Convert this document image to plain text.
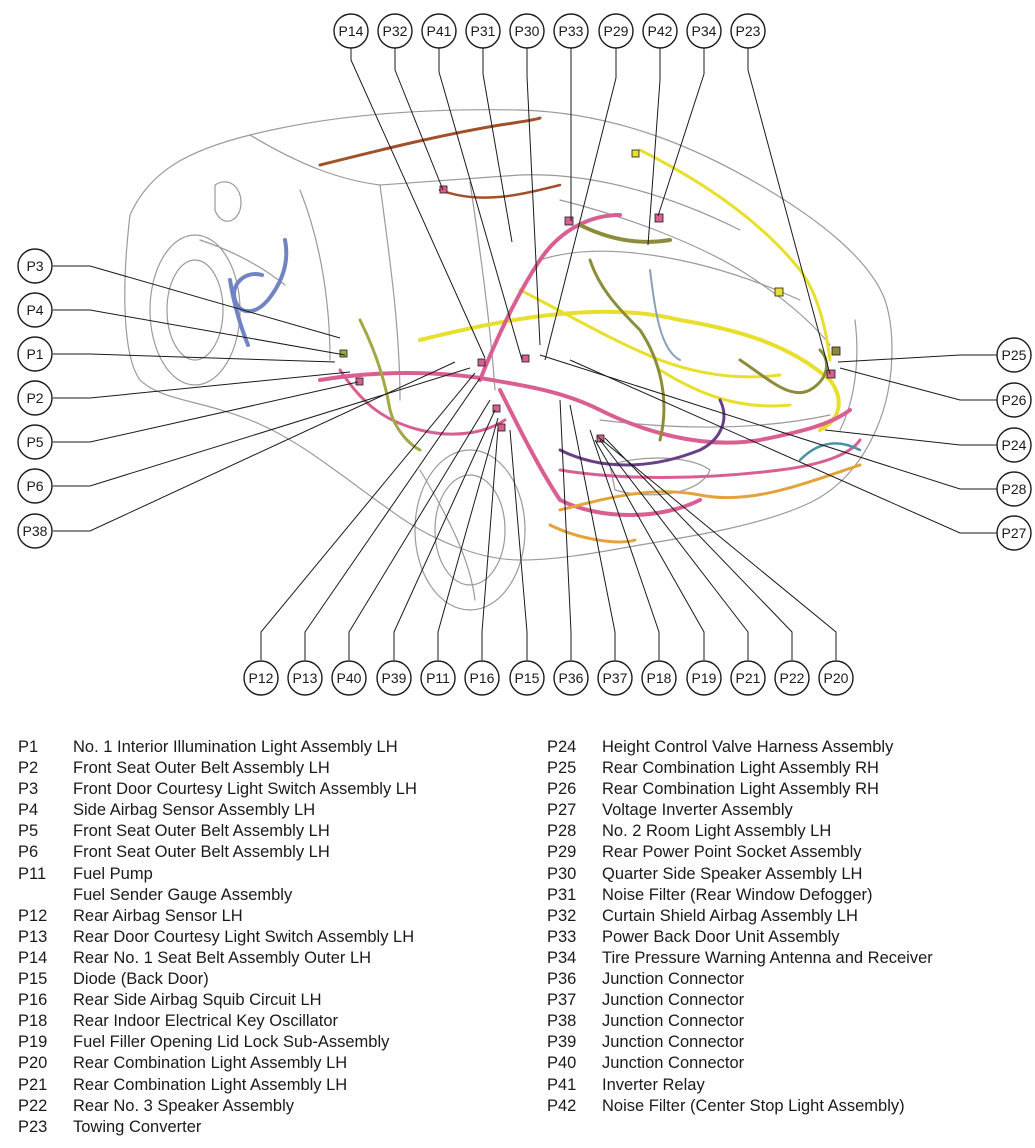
P14 P32 P41 P31 P30 P33 P29 P42 P34 P23
P3
P4
P1
P2
P5
P6
P38
P25
P26
P24
P28
P27
P12 P13 P40 P39 P11 P16 P15 P36 P37 P18 P19 P21 P22 P20
P1	No. 1 Interior Illumination Light Assembly LH
P2	Front Seat Outer Belt Assembly LH
P3	Front Door Courtesy Light Switch Assembly LH
P4	Side Airbag Sensor Assembly LH
P5	Front Seat Outer Belt Assembly LH
P6	Front Seat Outer Belt Assembly LH
P11	Fuel Pump
Fuel Sender Gauge Assembly
P12	Rear Airbag Sensor LH
P13	Rear Door Courtesy Light Switch Assembly LH
P14	Rear No. 1 Seat Belt Assembly Outer LH
P15	Diode (Back Door)
P16	Rear Side Airbag Squib Circuit LH
P18	Rear Indoor Electrical Key Oscillator
P19	Fuel Filler Opening Lid Lock Sub-Assembly
P20	Rear Combination Light Assembly LH
P21	Rear Combination Light Assembly LH
P22	Rear No. 3 Speaker Assembly
P23	Towing Converter
P24	Height Control Valve Harness Assembly
P25	Rear Combination Light Assembly RH
P26	Rear Combination Light Assembly RH
P27	Voltage Inverter Assembly
P28	No. 2 Room Light Assembly LH
P29	Rear Power Point Socket Assembly
P30	Quarter Side Speaker Assembly LH
P31	Noise Filter (Rear Window Defogger)
P32	Curtain Shield Airbag Assembly LH
P33	Power Back Door Unit Assembly
P34	Tire Pressure Warning Antenna and Receiver
P36	Junction Connector
P37	Junction Connector
P38	Junction Connector
P39	Junction Connector
P40	Junction Connector
P41	Inverter Relay
P42	Noise Filter (Center Stop Light Assembly)
